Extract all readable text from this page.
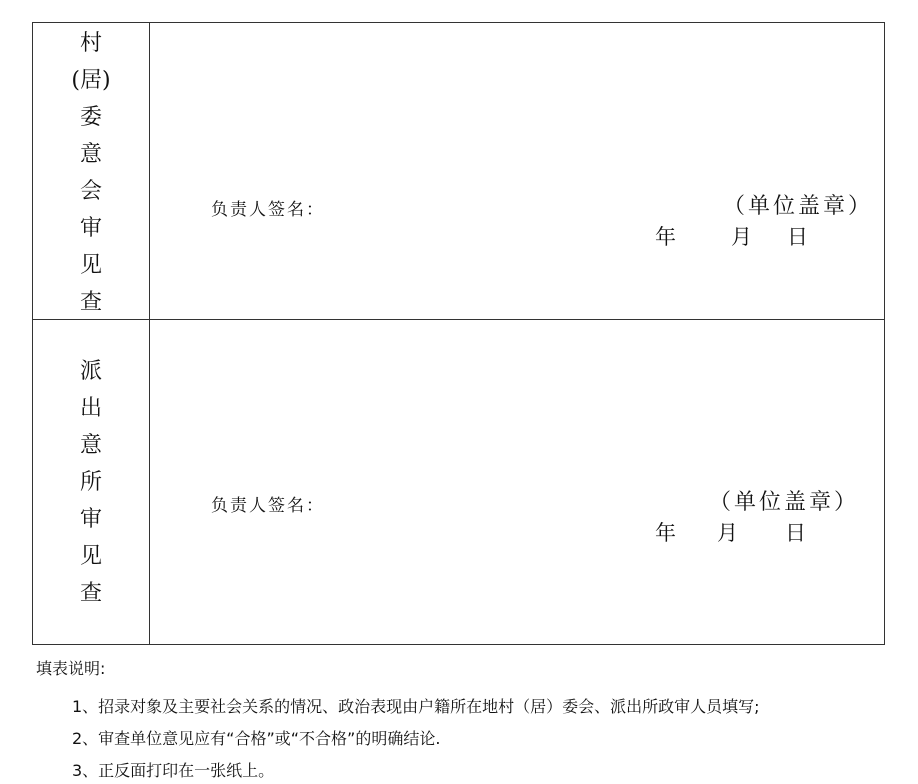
村
(居)
委
意
会
审
见
查
负责人签名：	（单位盖章）
年	月 日
派
出
意
所
审
见
查
负责人签名：	（单位盖章）
年 月 日
填表说明:
1、招录对象及主要社会关系的情况、政治表现由户籍所在地村（居）委会、派出所政审人员填写;
2、审查单位意见应有“合格”或“不合格”的明确结论.
3、正反面打印在一张纸上。
